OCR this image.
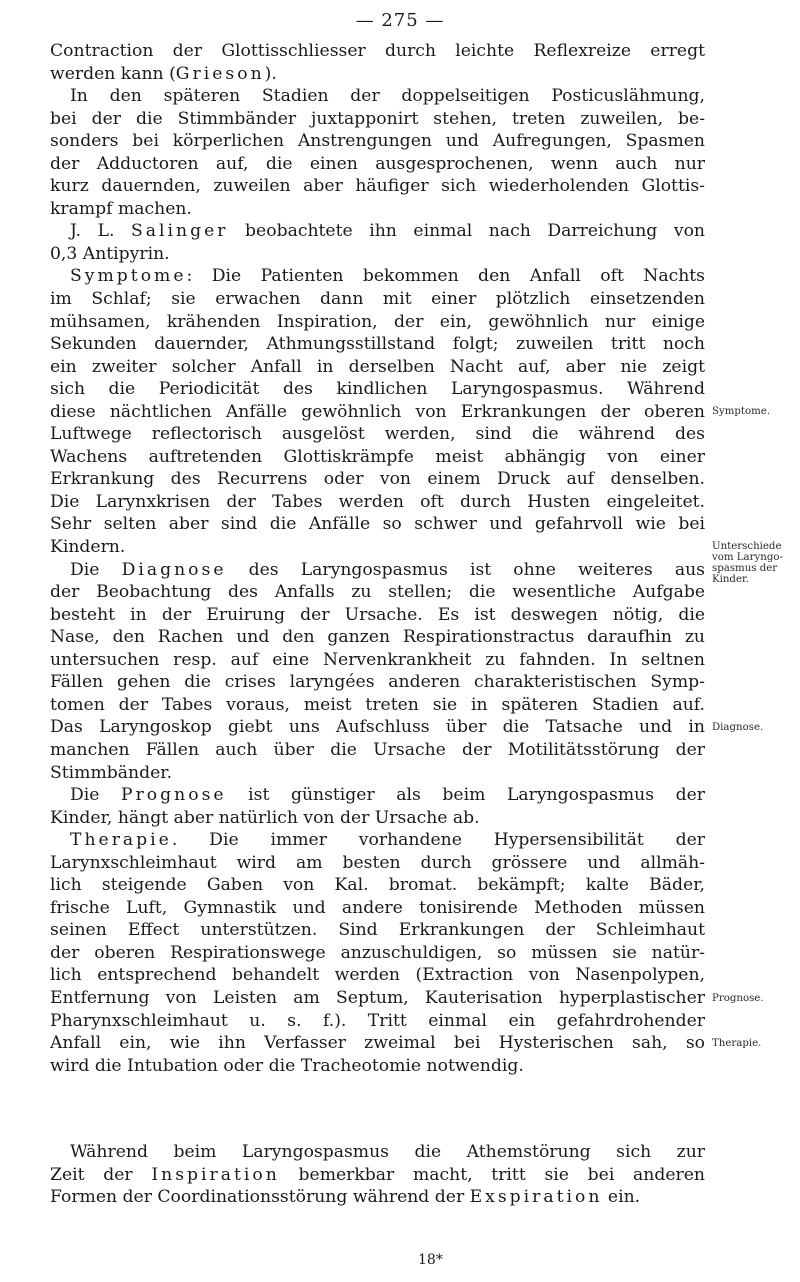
— 275 —
Contraction der Glottisschliesser durch leichte Reflexreize erregt
werden kann (Grieson).
In den späteren Stadien der doppelseitigen Posticuslähmung,
bei der die Stimmbänder juxtapponirt stehen, treten zuweilen, be-
sonders bei körperlichen Anstrengungen und Aufregungen, Spasmen
der Adductoren auf, die einen ausgesprochenen, wenn auch nur
kurz dauernden, zuweilen aber häufiger sich wiederholenden Glottis-
krampf machen.
J. L. Salinger beobachtete ihn einmal nach Darreichung von
0,3 Antipyrin.
Symptome: Die Patienten bekommen den Anfall oft Nachts
im Schlaf; sie erwachen dann mit einer plötzlich einsetzenden
mühsamen, krähenden Inspiration, der ein, gewöhnlich nur einige
Sekunden dauernder, Athmungsstillstand folgt; zuweilen tritt noch
ein zweiter solcher Anfall in derselben Nacht auf, aber nie zeigt
sich die Periodicität des kindlichen Laryngospasmus. Während
diese nächtlichen Anfälle gewöhnlich von Erkrankungen der oberen
Luftwege reflectorisch ausgelöst werden, sind die während des
Wachens auftretenden Glottiskrämpfe meist abhängig von einer
Erkrankung des Recurrens oder von einem Druck auf denselben.
Die Larynxkrisen der Tabes werden oft durch Husten eingeleitet.
Sehr selten aber sind die Anfälle so schwer und gefahrvoll wie bei
Kindern.
Die Diagnose des Laryngospasmus ist ohne weiteres aus
der Beobachtung des Anfalls zu stellen; die wesentliche Aufgabe
besteht in der Eruirung der Ursache. Es ist deswegen nötig, die
Nase, den Rachen und den ganzen Respirationstractus daraufhin zu
untersuchen resp. auf eine Nervenkrankheit zu fahnden. In seltnen
Fällen gehen die crises laryngées anderen charakteristischen Symp-
tomen der Tabes voraus, meist treten sie in späteren Stadien auf.
Das Laryngoskop giebt uns Aufschluss über die Tatsache und in
manchen Fällen auch über die Ursache der Motilitätsstörung der
Stimmbänder.
Die Prognose ist günstiger als beim Laryngospasmus der
Kinder, hängt aber natürlich von der Ursache ab.
Therapie. Die immer vorhandene Hypersensibilität der
Larynxschleimhaut wird am besten durch grössere und allmäh-
lich steigende Gaben von Kal. bromat. bekämpft; kalte Bäder,
frische Luft, Gymnastik und andere tonisirende Methoden müssen
seinen Effect unterstützen. Sind Erkrankungen der Schleimhaut
der oberen Respirationswege anzuschuldigen, so müssen sie natür-
lich entsprechend behandelt werden (Extraction von Nasenpolypen,
Entfernung von Leisten am Septum, Kauterisation hyperplastischer
Pharynxschleimhaut u. s. f.). Tritt einmal ein gefahrdrohender
Anfall ein, wie ihn Verfasser zweimal bei Hysterischen sah, so
wird die Intubation oder die Tracheotomie notwendig.
Während beim Laryngospasmus die Athemstörung sich zur
Zeit der Inspiration bemerkbar macht, tritt sie bei anderen
Formen der Coordinationsstörung während der Exspiration ein.
Symptome.
Unterschiede
vom Laryngo-
spasmus der
Kinder.
Diagnose.
Prognose.
Therapie.
18*
